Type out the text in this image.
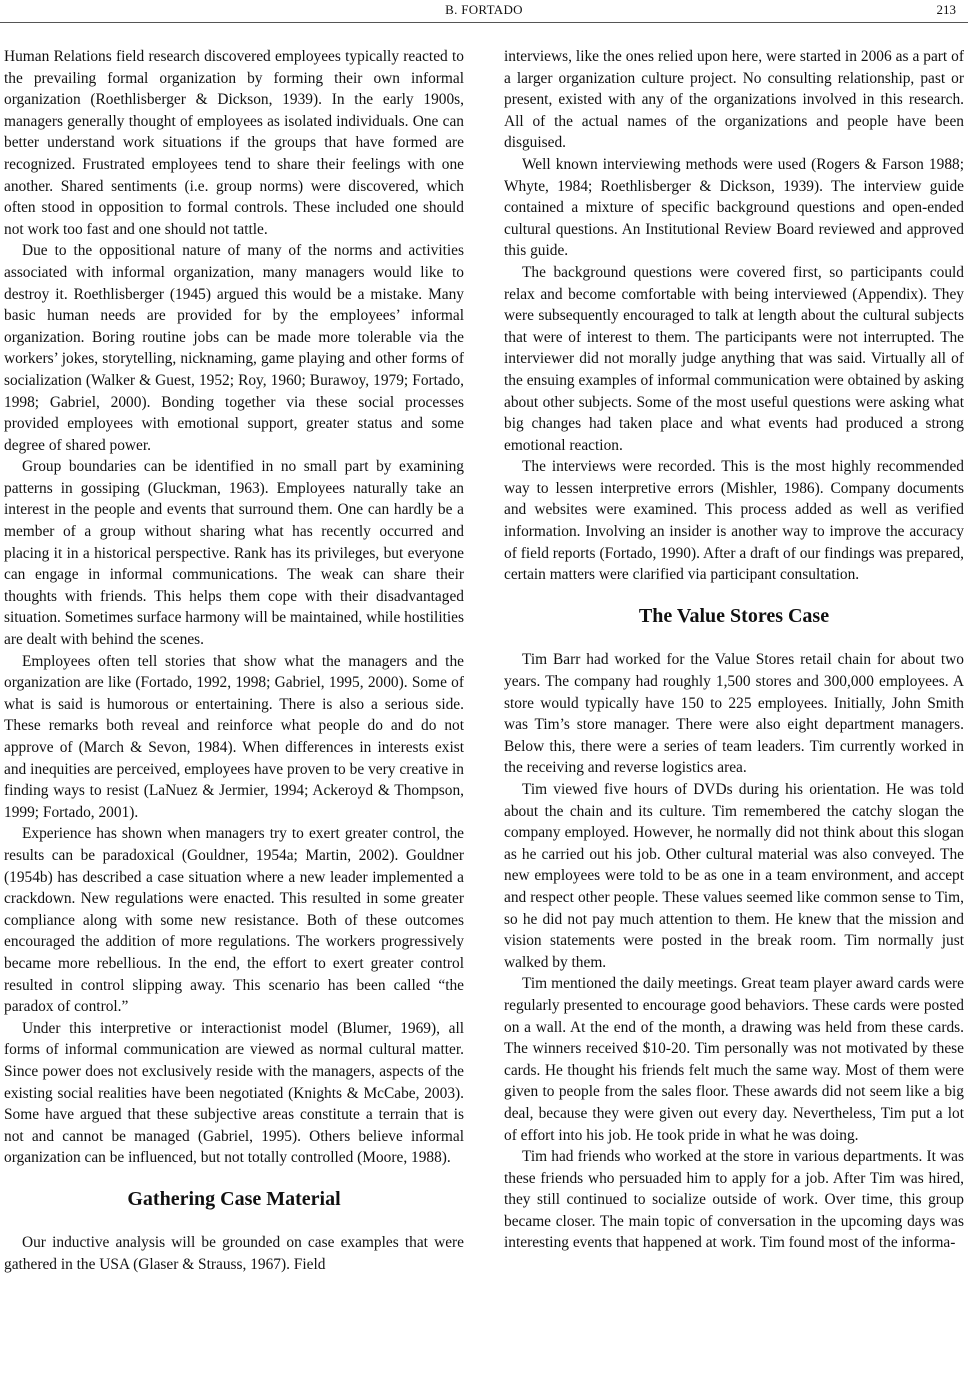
B. FORTADO	213

Human Relations field research discovered employees typically reacted to the prevailing formal organization by forming their own informal organization (Roethlisberger & Dickson, 1939). In the early 1900s, managers generally thought of employees as isolated individuals. One can better understand work situations if the groups that have formed are recognized. Frustrated employees tend to share their feelings with one another. Shared sentiments (i.e. group norms) were discovered, which often stood in opposition to formal controls. These included one should not work too fast and one should not tattle.

Due to the oppositional nature of many of the norms and activities associated with informal organization, many managers would like to destroy it. Roethlisberger (1945) argued this would be a mistake. Many basic human needs are provided for by the employees’ informal organization. Boring routine jobs can be made more tolerable via the workers’ jokes, storytelling, nicknaming, game playing and other forms of socialization (Walker & Guest, 1952; Roy, 1960; Burawoy, 1979; Fortado, 1998; Gabriel, 2000). Bonding together via these social processes provided employees with emotional support, greater status and some degree of shared power.

Group boundaries can be identified in no small part by examining patterns in gossiping (Gluckman, 1963). Employees naturally take an interest in the people and events that surround them. One can hardly be a member of a group without sharing what has recently occurred and placing it in a historical perspective. Rank has its privileges, but everyone can engage in informal communications. The weak can share their thoughts with friends. This helps them cope with their disadvantaged situation. Sometimes surface harmony will be maintained, while hostilities are dealt with behind the scenes.

Employees often tell stories that show what the managers and the organization are like (Fortado, 1992, 1998; Gabriel, 1995, 2000). Some of what is said is humorous or entertaining. There is also a serious side. These remarks both reveal and reinforce what people do and do not approve of (March & Sevon, 1984). When differences in interests exist and inequities are perceived, employees have proven to be very creative in finding ways to resist (LaNuez & Jermier, 1994; Ackeroyd & Thompson, 1999; Fortado, 2001).

Experience has shown when managers try to exert greater control, the results can be paradoxical (Gouldner, 1954a; Martin, 2002). Gouldner (1954b) has described a case situation where a new leader implemented a crackdown. New regulations were enacted. This resulted in some greater compliance along with some new resistance. Both of these outcomes encouraged the addition of more regulations. The workers progressively became more rebellious. In the end, the effort to exert greater control resulted in control slipping away. This scenario has been called “the paradox of control.”

Under this interpretive or interactionist model (Blumer, 1969), all forms of informal communication are viewed as normal cultural matter. Since power does not exclusively reside with the managers, aspects of the existing social realities have been negotiated (Knights & McCabe, 2003). Some have argued that these subjective areas constitute a terrain that is not and cannot be managed (Gabriel, 1995). Others believe informal organization can be influenced, but not totally controlled (Moore, 1988).

Gathering Case Material

Our inductive analysis will be grounded on case examples that were gathered in the USA (Glaser & Strauss, 1967). Field

interviews, like the ones relied upon here, were started in 2006 as a part of a larger organization culture project. No consulting relationship, past or present, existed with any of the organizations involved in this research. All of the actual names of the organizations and people have been disguised.

Well known interviewing methods were used (Rogers & Farson 1988; Whyte, 1984; Roethlisberger & Dickson, 1939). The interview guide contained a mixture of specific background questions and open-ended cultural questions. An Institutional Review Board reviewed and approved this guide.

The background questions were covered first, so participants could relax and become comfortable with being interviewed (Appendix). They were subsequently encouraged to talk at length about the cultural subjects that were of interest to them. The participants were not interrupted. The interviewer did not morally judge anything that was said. Virtually all of the ensuing examples of informal communication were obtained by asking about other subjects. Some of the most useful questions were asking what big changes had taken place and what events had produced a strong emotional reaction.

The interviews were recorded. This is the most highly recommended way to lessen interpretive errors (Mishler, 1986). Company documents and websites were examined. This process added as well as verified information. Involving an insider is another way to improve the accuracy of field reports (Fortado, 1990). After a draft of our findings was prepared, certain matters were clarified via participant consultation.

The Value Stores Case

Tim Barr had worked for the Value Stores retail chain for about two years. The company had roughly 1,500 stores and 300,000 employees. A store would typically have 150 to 225 employees. Initially, John Smith was Tim’s store manager. There were also eight department managers. Below this, there were a series of team leaders. Tim currently worked in the receiving and reverse logistics area.

Tim viewed five hours of DVDs during his orientation. He was told about the chain and its culture. Tim remembered the catchy slogan the company employed. However, he normally did not think about this slogan as he carried out his job. Other cultural material was also conveyed. The new employees were told to be as one in a team environment, and accept and respect other people. These values seemed like common sense to Tim, so he did not pay much attention to them. He knew that the mission and vision statements were posted in the break room. Tim normally just walked by them.

Tim mentioned the daily meetings. Great team player award cards were regularly presented to encourage good behaviors. These cards were posted on a wall. At the end of the month, a drawing was held from these cards. The winners received $10-20. Tim personally was not motivated by these cards. He thought his friends felt much the same way. Most of them were given to people from the sales floor. These awards did not seem like a big deal, because they were given out every day. Nevertheless, Tim put a lot of effort into his job. He took pride in what he was doing.

Tim had friends who worked at the store in various departments. It was these friends who persuaded him to apply for a job. After Tim was hired, they still continued to socialize outside of work. Over time, this group became closer. The main topic of conversation in the upcoming days was interesting events that happened at work. Tim found most of the informa-
